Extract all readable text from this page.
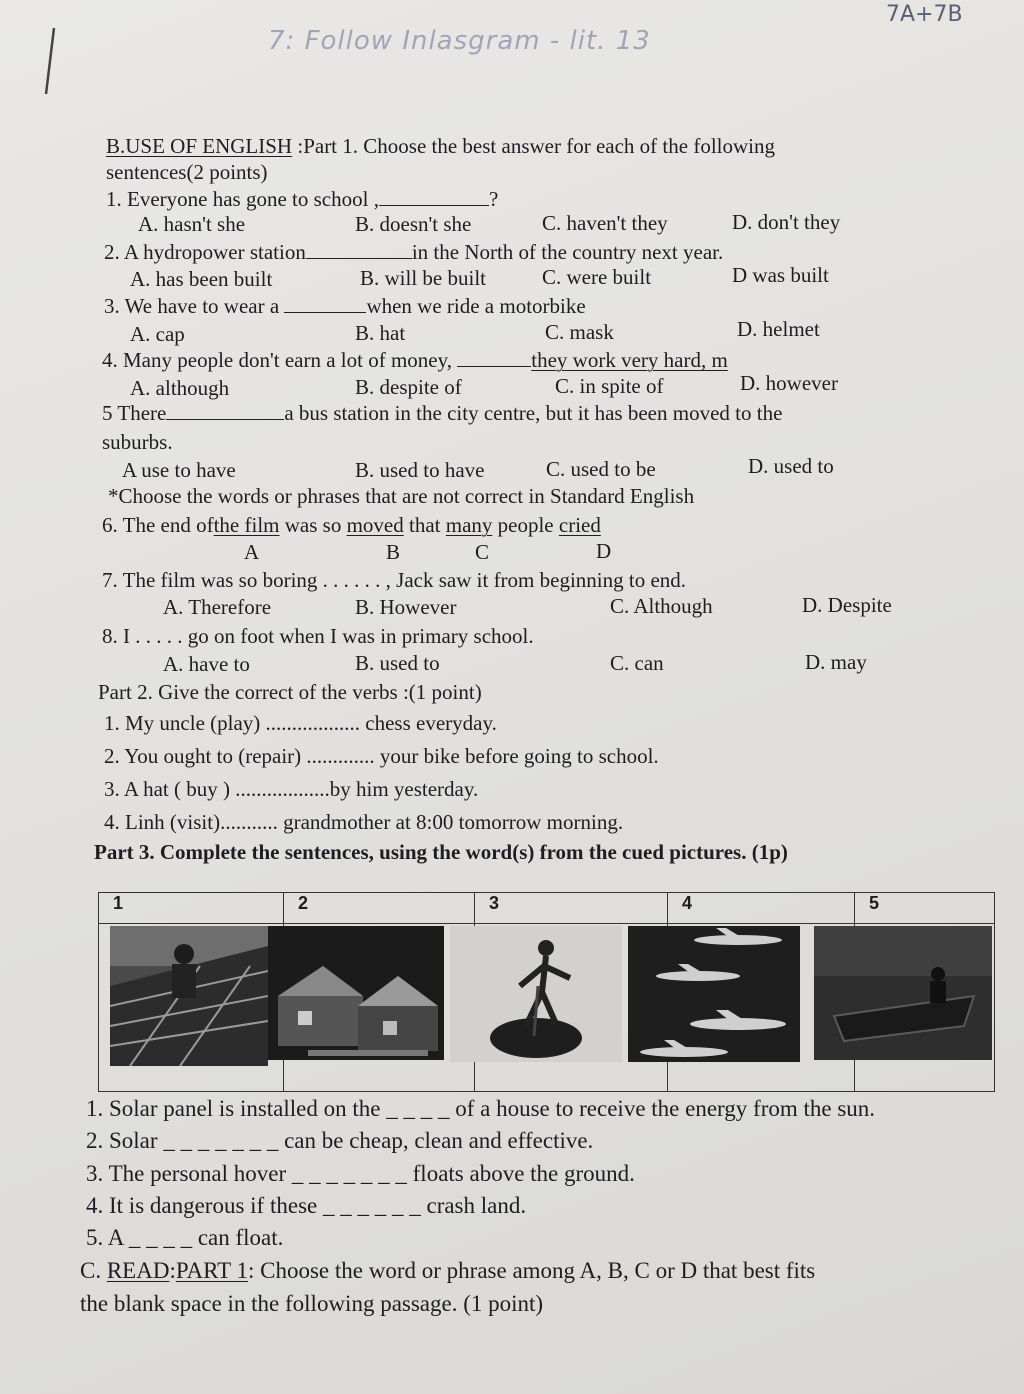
7A+7B
7: Follow Inlasgram - lit. 13
B.USE OF ENGLISH :Part 1. Choose the best answer for each of the following
sentences(2 points)
1. Everyone has gone to school ,	?
A. hasn't she	B. doesn't she	C. haven't they	D. don't they
2. A hydropower station	in the North of the country next year.
A. has been built	B. will be built	C. were built	D was built
3. We have to wear a	when we ride a motorbike
A. cap	B. hat	C. mask	D. helmet
4. Many people don't earn a lot of money,	they work very hard, m
A. although	B. despite of	C. in spite of	D. however
5 There	a bus station in the city centre, but it has been moved to the
suburbs.
A use to have	B. used to have	C. used to be	D. used to
*Choose the words or phrases that are not correct in Standard English
6. The end ofthe film was so moved that many people cried
A	B	C	D
7. The film was so boring . . . . . . , Jack saw it from beginning to end.
A. Therefore	B. However	C. Although	D. Despite
8. I . . . . . go on foot when I was in primary school.
A. have to	B. used to	C. can	D. may
Part 2. Give the correct of the verbs :(1 point)
1. My uncle (play) .................. chess everyday.
2. You ought to (repair) ............. your bike before going to school.
3. A hat ( buy ) ..................by him yesterday.
4. Linh (visit)........... grandmother at 8:00 tomorrow morning.
Part 3. Complete the sentences, using the word(s) from the cued pictures. (1p)
1	2	3	4	5

1. Solar panel is installed on the _ _ _ _ of a house to receive the energy from the sun.
2. Solar _ _ _ _ _ _ _ can be cheap, clean and effective.
3. The personal hover _ _ _ _ _ _ _ floats above the ground.
4. It is dangerous if these _ _ _ _ _ _ crash land.
5. A _ _ _ _ can float.
C. READ:PART 1: Choose the word or phrase among A, B, C or D that best fits
the blank space in the following passage. (1 point)
